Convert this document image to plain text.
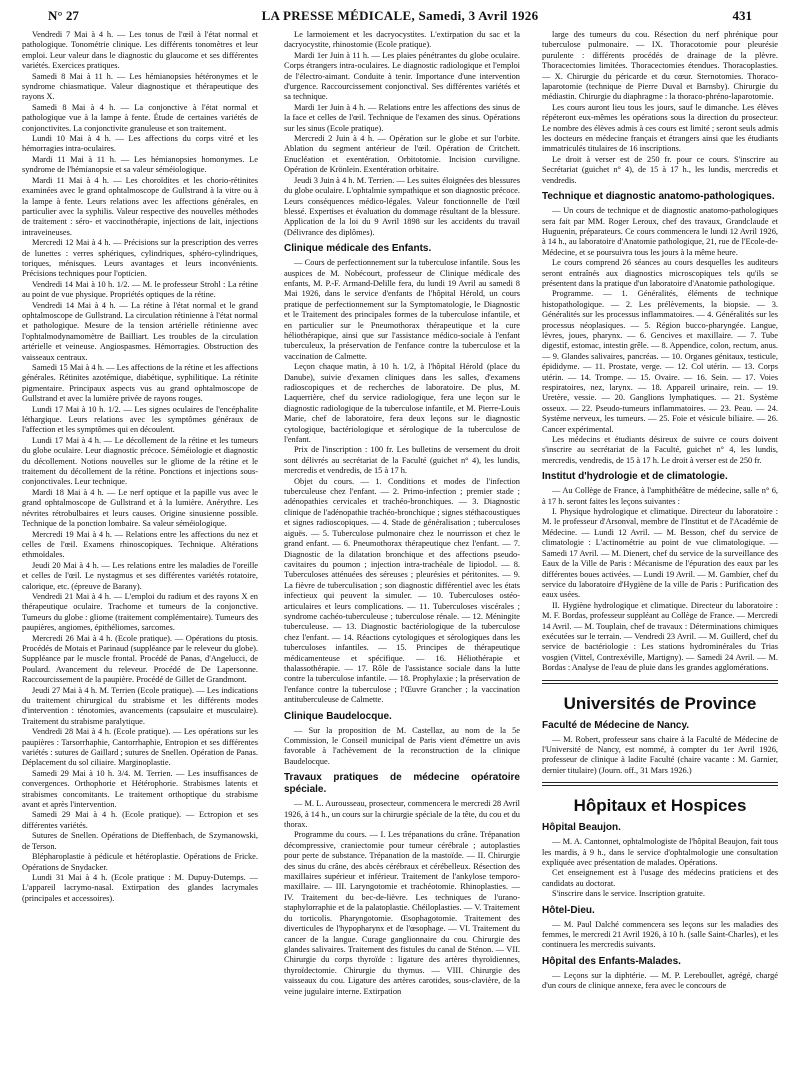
N° 27	LA PRESSE MÉDICALE, Samedi, 3 Avril 1926	431

Vendredi 7 Mai à 4 h. — Les tonus de l'œil à l'état normal et pathologique. Tonométrie clinique. Les différents tonomètres et leur emploi. Leur valeur dans le diagnostic du glaucome et ses différentes variétés. Exercices pratiques.

Samedi 8 Mai à 11 h. — Les hémianopsies hétéronymes et le syndrome chiasmatique. Valeur diagnostique et thérapeutique des rayons X.

Samedi 8 Mai à 4 h. — La conjonctive à l'état normal et pathologique vue à la lampe à fente. Étude de certaines variétés de conjonctivites. La conjonctivite granuleuse et son traitement.

Lundi 10 Mai à 4 h. — Les affections du corps vitré et les hémorragies intra-oculaires.

Mardi 11 Mai à 11 h. — Les hémianopsies homonymes. Le syndrome de l'hémianopsie et sa valeur séméiologique.

Mardi 11 Mai à 4 h. — Les choroïdites et les chorio-rétinites examinées avec le grand ophtalmoscope de Gullstrand à la vitre ou à la lampe à fente. Leurs relations avec les affections générales, en particulier avec la syphilis. Valeur respective des nouvelles méthodes de traitement : séro- et vaccinothérapie, injections de lait, injections intraveineuses.

Mercredi 12 Mai à 4 h. — Précisions sur la prescription des verres de lunettes : verres sphériques, cylindriques, sphéro-cylindriques, toriques, ménisques. Leurs avantages et leurs inconvénients. Précisions techniques pour l'opticien.

Vendredi 14 Mai à 10 h. 1/2. — M. le professeur Strohl : La rétine au point de vue physique. Propriétés optiques de la rétine.

Vendredi 14 Mai à 4 h. — La rétine à l'état normal et le grand ophtalmoscope de Gullstrand. La circulation rétinienne à l'état normal et pathologique. Mesure de la tension artérielle rétinienne avec l'ophtalmodynamomètre de Bailliart. Les troubles de la circulation artérielle et veineuse. Angiospasmes. Hémorragies. Obstruction des vaisseaux centraux.

Samedi 15 Mai à 4 h. — Les affections de la rétine et les affections générales. Rétinites azotémique, diabétique, syphilitique. La rétinite pigmentaire. Principaux aspects vus au grand ophtalmoscope de Gullstrand et avec la lumière privée de rayons rouges.

Lundi 17 Mai à 10 h. 1/2. — Les signes oculaires de l'encéphalite léthargique. Leurs relations avec les symptômes généraux de l'affection et les symptômes qui en découlent.

Lundi 17 Mai à 4 h. — Le décollement de la rétine et les tumeurs du globe oculaire. Leur diagnostic précoce. Séméiologie et diagnostic du décollement. Notions nouvelles sur le gliome de la rétine et le traitement du décollement de la rétine. Ponctions et injections sous-conjonctivales. Leur technique.

Mardi 18 Mai à 4 h. — Le nerf optique et la papille vus avec le grand ophtalmoscope de Gullstrand et à la lumière. Anérythre. Les névrites rétrobulbaires et leurs causes. Origine sinusienne possible. Technique de la ponction lombaire. Sa valeur séméiologique.

Mercredi 19 Mai à 4 h. — Relations entre les affections du nez et celles de l'œil. Examens rhinoscopiques. Technique. Altérations ethmoïdales.

Jeudi 20 Mai à 4 h. — Les relations entre les maladies de l'oreille et celles de l'œil. Le nystagmus et ses différentes variétés rotatoire, calorique, etc. (épreuve de Barany).

Vendredi 21 Mai à 4 h. — L'emploi du radium et des rayons X en thérapeutique oculaire. Trachome et tumeurs de la conjonctive. Tumeurs du globe : gliome (traitement complémentaire). Tumeurs des paupières, angiomes, épithéliomes, sarcomes.

Mercredi 26 Mai à 4 h. (Ecole pratique). — Opérations du ptosis. Procédés de Motais et Parinaud (suppléance par le releveur du globe). Suppléance par le muscle frontal. Procédé de Panas, d'Angelucci, de Poulard. Avancement du releveur. Procédé de De Lapersonne. Raccourcissement de la paupière. Procédé de Gillet de Grandmont.

Jeudi 27 Mai à 4 h. M. Terrien (Ecole pratique). — Les indications du traitement chirurgical du strabisme et les différents modes d'intervention : ténotomies, avancements (capsulaire et musculaire). Traitement du strabisme paralytique.

Vendredi 28 Mai à 4 h. (Ecole pratique). — Les opérations sur les paupières : Tarsorrhaphie, Cantorrhaphie, Entropion et ses différentes variétés : sutures de Gaillard ; sutures de Snellen. Opération de Panas. Déplacement du sol ciliaire. Marginoplastie.

Samedi 29 Mai à 10 h. 3/4. M. Terrien. — Les insuffisances de convergences. Orthophorie et Hétérophorie. Strabismes latents et strabismes concomitants. Le traitement orthoptique du strabisme avant et après l'intervention.

Samedi 29 Mai à 4 h. (Ecole pratique). — Ectropion et ses différentes variétés.

Sutures de Snellen. Opérations de Dieffenbach, de Szymanowski, de Terson.

Blépharoplastie à pédicule et hétéroplastie. Opérations de Fricke. Opérations de Snydacker.

Lundi 31 Mai à 4 h. (Ecole pratique : M. Dupuy-Dutemps. — L'appareil lacrymo-nasal. Extirpation des glandes lacrymales (principales et accessoires).

Le larmoiement et les dacryocystites. L'extirpation du sac et la dacryocystite, rhinostomie (Ecole pratique).

Mardi 1er Juin à 11 h. — Les plaies pénétrantes du globe oculaire. Corps étrangers intra-oculaires. Le diagnostic radiologique et l'emploi de l'électro-aimant. Conduite à tenir. Importance d'une intervention d'urgence. Raccourcissement conjonctival. Ses différentes variétés et sa technique.

Mardi 1er Juin à 4 h. — Relations entre les affections des sinus de la face et celles de l'œil. Technique de l'examen des sinus. Opérations sur les sinus (Ecole pratique).

Mercredi 2 Juin à 4 h. — Opération sur le globe et sur l'orbite. Ablation du segment antérieur de l'œil. Opération de Critchett. Enucléation et exentération. Orbitotomie. Incision curviligne. Opération de Krönlein. Exentération orbitaire.

Jeudi 3 Juin à 4 h. M. Terrien. — Les suites éloignées des blessures du globe oculaire. L'ophtalmie sympathique et son diagnostic précoce. Leurs conséquences médico-légales. Valeur fonctionnelle de l'œil blessé. Expertises et évaluation du dommage résultant de la blessure. Application de la loi du 9 Avril 1898 sur les accidents du travail (Délivrance des diplômes).

Clinique médicale des Enfants.

— Cours de perfectionnement sur la tuberculose infantile. Sous les auspices de M. Nobécourt, professeur de Clinique médicale des enfants, M. P.-F. Armand-Delille fera, du lundi 19 Avril au samedi 8 Mai 1926, dans le service d'enfants de l'hôpital Hérold, un cours pratique de perfectionnement sur la Symptomatologie, le Diagnostic et le Traitement des principales formes de la tuberculose infantile, et en particulier sur le Pneumothorax thérapeutique et la cure héliothérapique, ainsi que sur l'assistance médico-sociale à l'enfant tuberculeux, la préservation de l'enfance contre la tuberculose et la vaccination de Calmette.

Leçon chaque matin, à 10 h. 1/2, à l'hôpital Hérold (place du Danube), suivie d'examen cliniques dans les salles, d'examens radioscopiques et de recherches de laboratoire. De plus, M. Laquerrière, chef du service radiologique, fera une leçon sur le diagnostic radiologique de la tuberculose infantile, et M. Pierre-Louis Marie, chef de laboratoire, fera deux leçons sur le diagnostic cytologique, bactériologique et sérologique de la tuberculose de l'enfant.

Prix de l'inscription : 100 fr. Les bulletins de versement du droit sont délivrés au secrétariat de la Faculté (guichet n° 4), les lundis, mercredis et vendredis, de 15 à 17 h.

Objet du cours. — 1. Conditions et modes de l'infection tuberculeuse chez l'enfant. — 2. Primo-infection ; premier stade ; adénopathies cervicales et trachéo-bronchiques. — 3. Diagnostic clinique de l'adénopathie trachéo-bronchique ; signes stéthacoustiques et signes radioscopiques. — 4. Stade de généralisation ; tuberculoses aiguës. — 5. Tuberculose pulmonaire chez le nourrisson et chez le grand enfant. — 6. Pneumothorax thérapeutique chez l'enfant. — 7. Diagnostic de la dilatation bronchique et des affections pseudo-cavitaires du poumon ; injection intra-trachéale de lipiodol. — 8. Tuberculoses atténuées des séreuses ; pleurésies et péritonites. — 9. La fièvre de tuberculisation ; son diagnostic différentiel avec les états infectieux qui peuvent la simuler. — 10. Tuberculoses ostéo-articulaires et leurs complications. — 11. Tuberculoses viscérales ; syndrome cachéo-tuberculeuse ; tuberculose rénale. — 12. Méningite tuberculeuse. — 13. Diagnostic bactériologique de la tuberculose chez l'enfant. — 14. Réactions cytologiques et sérologiques dans les tuberculoses infantiles. — 15. Principes de thérapeutique médicamenteuse et spécifique. — 16. Héliothérapie et thalassothérapie. — 17. Rôle de l'assistance sociale dans la lutte contre la tuberculose infantile. — 18. Prophylaxie ; la préservation de l'enfance contre la tuberculose ; l'Œuvre Grancher ; la vaccination antituberculeuse de Calmette.

Clinique Baudelocque.

— Sur la proposition de M. Castellaz, au nom de la 5e Commission, le Conseil municipal de Paris vient d'émettre un avis favorable à l'achèvement de la reconstruction de la clinique Baudelocque.

Travaux pratiques de médecine opératoire spéciale.

— M. L. Aurousseau, prosecteur, commencera le mercredi 28 Avril 1926, à 14 h., un cours sur la chirurgie spéciale de la tête, du cou et du thorax.

Programme du cours. — I. Les trépanations du crâne. Trépanation décompressive, craniectomie pour tumeur cérébrale ; autoplasties pour perte de substance. Trépanation de la mastoïde. — II. Chirurgie des sinus du crâne, des abcès cérébraux et cérébelleux. Résection des maxillaires supérieur et inférieur. Traitement de l'ankylose temporo-maxillaire. — III. Laryngotomie et trachéotomie. Rhinoplasties. — IV. Traitement du bec-de-lièvre. Les techniques de l'urano-staphylorraphie et de la palatoplastie. Chéiloplasties. — V. Traitement du torticolis. Pharyngotomie. Œsophagotomie. Traitement des diverticules de l'hypopharynx et de l'œsophage. — VI. Traitement du cancer de la langue. Curage ganglionnaire du cou. Chirurgie des glandes salivaires. Traitement des fistules du canal de Sténon. — VII. Chirurgie du corps thyroïde : ligature des artères thyroïdiennes, thyroïdectomie. Chirurgie du thymus. — VIII. Chirurgie des vaisseaux du cou. Ligature des artères carotides, sous-clavière, de la veine jugulaire interne. Extirpation

large des tumeurs du cou. Résection du nerf phrénique pour tuberculose pulmonaire. — IX. Thoracotomie pour pleurésie purulente : différents procédés de drainage de la plèvre. Thoracectomies limitées. Thoracectomies étendues. Thoracoplasties. — X. Chirurgie du péricarde et du cœur. Sternotomies. Thoraco-laparotomie (technique de Pierre Duval et Barnsby). Chirurgie du médiastin. Chirurgie du diaphragme : la thoraco-phréno-laparotomie.

Les cours auront lieu tous les jours, sauf le dimanche. Les élèves répéteront eux-mêmes les opérations sous la direction du prosecteur. Le nombre des élèves admis à ces cours est limité ; seront seuls admis les docteurs en médecine français et étrangers ainsi que les étudiants immatriculés titulaires de 16 inscriptions.

Le droit à verser est de 250 fr. pour ce cours. S'inscrire au Secrétariat (guichet n° 4), de 15 à 17 h., les lundis, mercredis et vendredis.

Technique et diagnostic anatomo-pathologiques.

— Un cours de technique et de diagnostic anatomo-pathologiques sera fait par MM. Roger Leroux, chef des travaux, Grandclaude et Huguenin, préparateurs. Ce cours commencera le lundi 12 Avril 1926, à 14 h., au laboratoire d'Anatomie pathologique, 21, rue de l'Ecole-de-Médecine, et se poursuivra tous les jours à la même heure.

Le cours comprend 26 séances au cours desquelles les auditeurs seront entraînés aux diagnostics microscopiques tels qu'ils se présentent dans la pratique d'un laboratoire d'Anatomie pathologique.

Programme. — 1. Généralités, éléments de technique histopathologique. — 2. Les prélèvements, la biopsie. — 3. Généralités sur les processus inflammatoires. — 4. Généralités sur les processus néoplasiques. — 5. Région bucco-pharyngée. Langue, lèvres, joues, pharynx. — 6. Gencives et maxillaire. — 7. Tube digestif, estomac, intestin grêle. — 8. Appendice, colon, rectum, anus. — 9. Glandes salivaires, pancréas. — 10. Organes génitaux, testicule, épididyme. — 11. Prostate, verge. — 12. Col utérin. — 13. Corps utérin. — 14. Trompe. — 15. Ovaire. — 16. Sein. — 17. Voies respiratoires, nez, larynx. — 18. Appareil urinaire, rein. — 19. Uretère, vessie. — 20. Ganglions lymphatiques. — 21. Système osseux. — 22. Pseudo-tumeurs inflammatoires. — 23. Peau. — 24. Système nerveux, les tumeurs. — 25. Foie et vésicule biliaire. — 26. Cancer expérimental.

Les médecins et étudiants désireux de suivre ce cours doivent s'inscrire au secrétariat de la Faculté, guichet n° 4, les lundis, mercredis, vendredis, de 15 à 17 h. Le droit à verser est de 250 fr.

Institut d'hydrologie et de climatologie.

— Au Collège de France, à l'amphithéâtre de médecine, salle n° 6, à 17 h. seront faites les leçons suivantes :

I. Physique hydrologique et climatique. Directeur du laboratoire : M. le professeur d'Arsonval, membre de l'Institut et de l'Académie de Médecine. — Lundi 12 Avril. — M. Besson, chef du service de climatologie : L'actinométrie au point de vue climatologique. — Samedi 17 Avril. — M. Dienert, chef du service de la surveillance des Eaux de la Ville de Paris : Mécanisme de l'épuration des eaux par les différentes boues activées. — Lundi 19 Avril. — M. Gambier, chef du service du laboratoire d'Hygiène de la ville de Paris : Purification des eaux usées.

II. Hygiène hydrologique et climatique. Directeur du laboratoire : M. F. Bordas, professeur suppléant au Collège de France. — Mercredi 14 Avril. — M. Touplain, chef de travaux : Déterminations chimiques exécutées sur le terrain. — Vendredi 23 Avril. — M. Guillerd, chef du service de bactériologie : Les stations hydrominérales du Trias vosgien (Vittel, Contrexéville, Martigny). — Samedi 24 Avril. — M. Bordas : Analyse de l'eau de pluie dans les grandes agglomérations.

Universités de Province
Faculté de Médecine de Nancy.

— M. Robert, professeur sans chaire à la Faculté de Médecine de l'Université de Nancy, est nommé, à compter du 1er Avril 1926, professeur de clinique à ladite Faculté (chaire vacante : M. Garnier, dernier titulaire) (Journ. off., 31 Mars 1926.)

Hôpitaux et Hospices
Hôpital Beaujon.

— M. A. Cantonnet, ophtalmologiste de l'hôpital Beaujon, fait tous les mardis, à 9 h., dans le service d'ophtalmologie une consultation expliquée avec présentation de malades. Opérations.

Cet enseignement est à l'usage des médecins praticiens et des candidats au doctorat.

S'inscrire dans le service. Inscription gratuite.

Hôtel-Dieu.

— M. Paul Dalché commencera ses leçons sur les maladies des femmes, le mercredi 21 Avril 1926, à 10 h. (salle Saint-Charles), et les continuera les mercredis suivants.

Hôpital des Enfants-Malades.

— Leçons sur la diphtérie. — M. P. Lereboullet, agrégé, chargé d'un cours de clinique annexe, fera avec le concours de
